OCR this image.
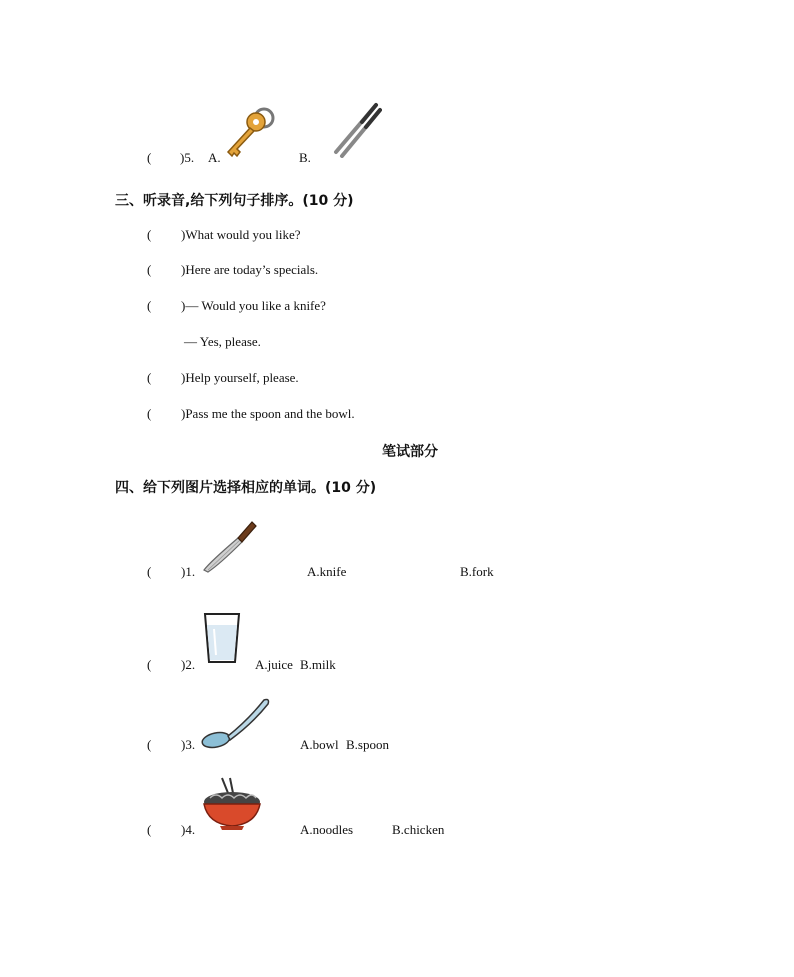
( )5. A.	B.
三、听录音,给下列句子排序。(10 分)
( )What would you like?
( )Here are today’s specials.
( )— Would you like a knife?
— Yes, please.
( )Help yourself, please.
( )Pass me the spoon and the bowl.
笔试部分
四、给下列图片选择相应的单词。(10 分)
( )1.	A.knife	B.fork
( )2.	A.juice B.milk
( )3.	A.bowl B.spoon
( )4.	A.noodles	B.chicken
